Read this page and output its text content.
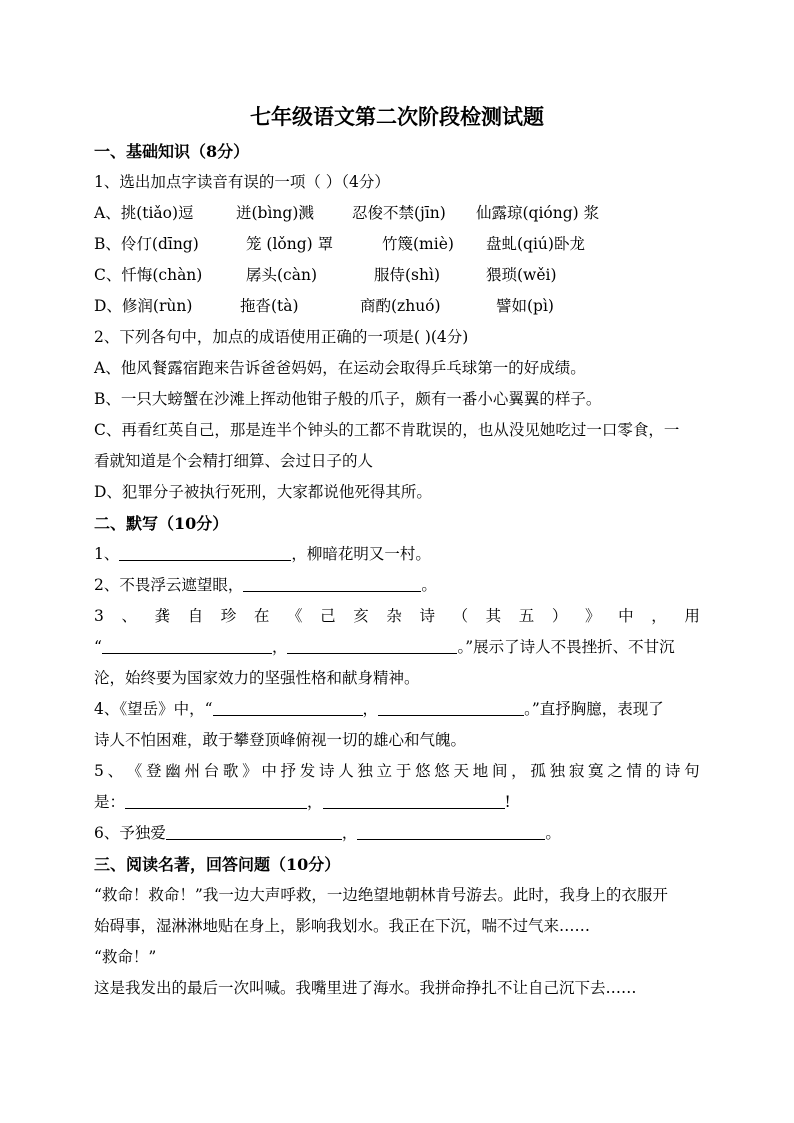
七年级语文第二次阶段检测试题
一、基础知识（8分）
1、选出加点字读音有误的一项（ ）（4分）
A、挑(tiǎo)逗	迸(bìng)溅	忍俊不禁(jīn)	仙露琼(qióng) 浆
B、伶仃(dīng)	笼 (lǒng) 罩	竹篾(miè)	盘虬(qiú)卧龙
C、忏悔(chàn)	孱头(càn)	服侍(shì)	猥琐(wěi)
D、修润(rùn)	拖沓(tà)	商酌(zhuó)	譬如(pì)
2、下列各句中，加点的成语使用正确的一项是( )(4分)
A、他风餐露宿跑来告诉爸爸妈妈，在运动会取得乒乓球第一的好成绩。
B、一只大螃蟹在沙滩上挥动他钳子般的爪子，颇有一番小心翼翼的样子。
C、再看红英自己，那是连半个钟头的工都不肯耽误的，也从没见她吃过一口零食，一
看就知道是个会精打细算、会过日子的人
D、犯罪分子被执行死刑，大家都说他死得其所。
二、默写（10分）
1、	，柳暗花明又一村。
2、不畏浮云遮望眼，	。
3 、 龚 自 珍 在 《 己 亥 杂 诗 （ 其 五 ） 》 中 ， 用
“	，	。”展示了诗人不畏挫折、不甘沉
沦，始终要为国家效力的坚强性格和献身精神。
4、《望岳》中，“	，	。”直抒胸臆，表现了
诗人不怕困难，敢于攀登顶峰俯视一切的雄心和气魄。
5 、 《 登 幽 州 台 歌 》 中 抒 发 诗 人 独 立 于 悠 悠 天 地 间 ， 孤 独 寂 寞 之 情 的 诗 句
是：	，	!
6、予独爱	，	。
三、阅读名著，回答问题（10分）
“救命！救命！”我一边大声呼救，一边绝望地朝林肯号游去。此时，我身上的衣服开
始碍事，湿淋淋地贴在身上，影响我划水。我正在下沉，喘不过气来……
“救命！”
这是我发出的最后一次叫喊。我嘴里进了海水。我拼命挣扎不让自己沉下去……
